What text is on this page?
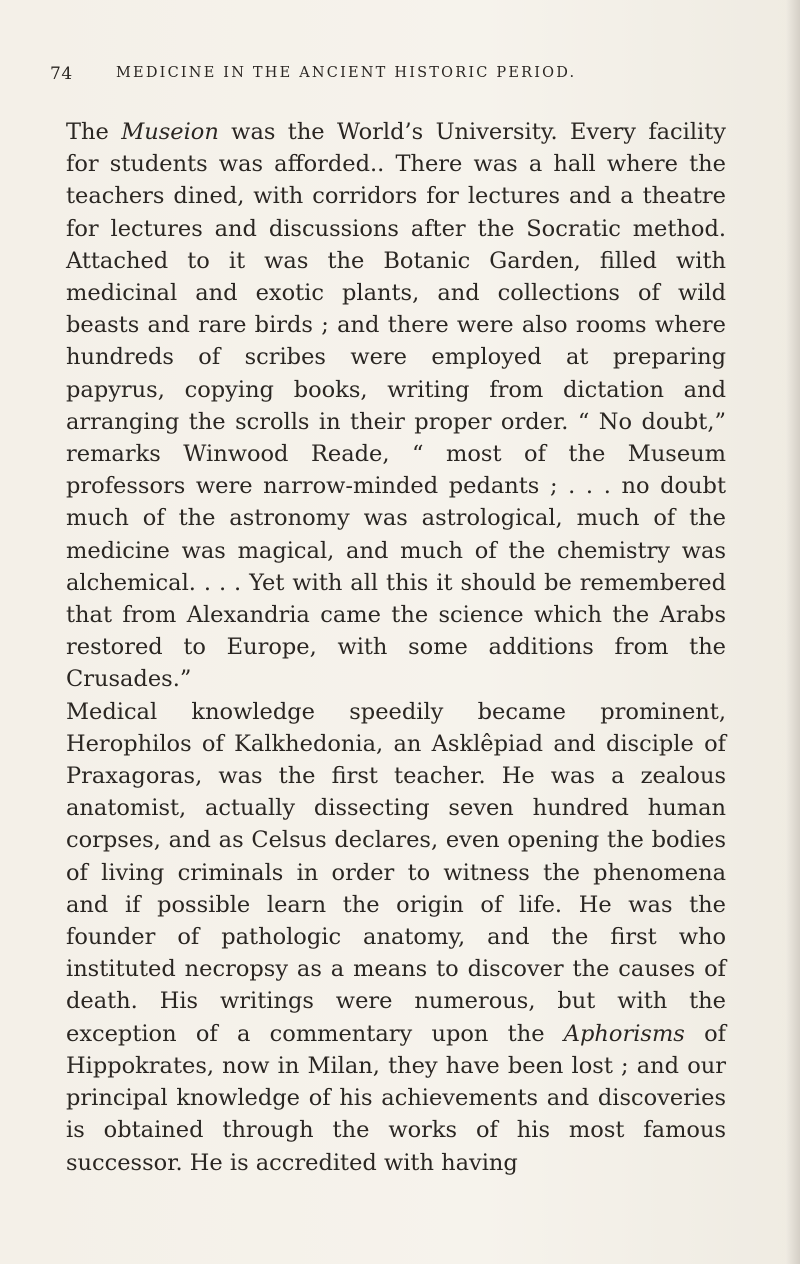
74	MEDICINE IN THE ANCIENT HISTORIC PERIOD.

The Museion was the World’s University. Every facility for students was afforded.. There was a hall where the teachers dined, with corridors for lectures and a theatre for lectures and discussions after the Socratic method. Attached to it was the Botanic Garden, filled with medicinal and exotic plants, and collections of wild beasts and rare birds ; and there were also rooms where hundreds of scribes were employed at preparing papyrus, copying books, writing from dictation and arranging the scrolls in their proper order. “ No doubt,” remarks Winwood Reade, “ most of the Museum professors were narrow-minded pedants ; . . . no doubt much of the astronomy was astrological, much of the medicine was magical, and much of the chemistry was alchemical. . . . Yet with all this it should be remembered that from Alexandria came the science which the Arabs restored to Europe, with some additions from the Crusades.”

Medical knowledge speedily became prominent, Herophilos of Kalkhedonia, an Asklêpiad and disciple of Praxagoras, was the first teacher. He was a zealous anatomist, actually dissecting seven hundred human corpses, and as Celsus declares, even opening the bodies of living criminals in order to witness the phenomena and if possible learn the origin of life. He was the founder of pathologic anatomy, and the first who instituted necropsy as a means to discover the causes of death. His writings were numerous, but with the exception of a commentary upon the Aphorisms of Hippokrates, now in Milan, they have been lost ; and our principal knowledge of his achievements and discoveries is obtained through the works of his most famous successor. He is accredited with having
